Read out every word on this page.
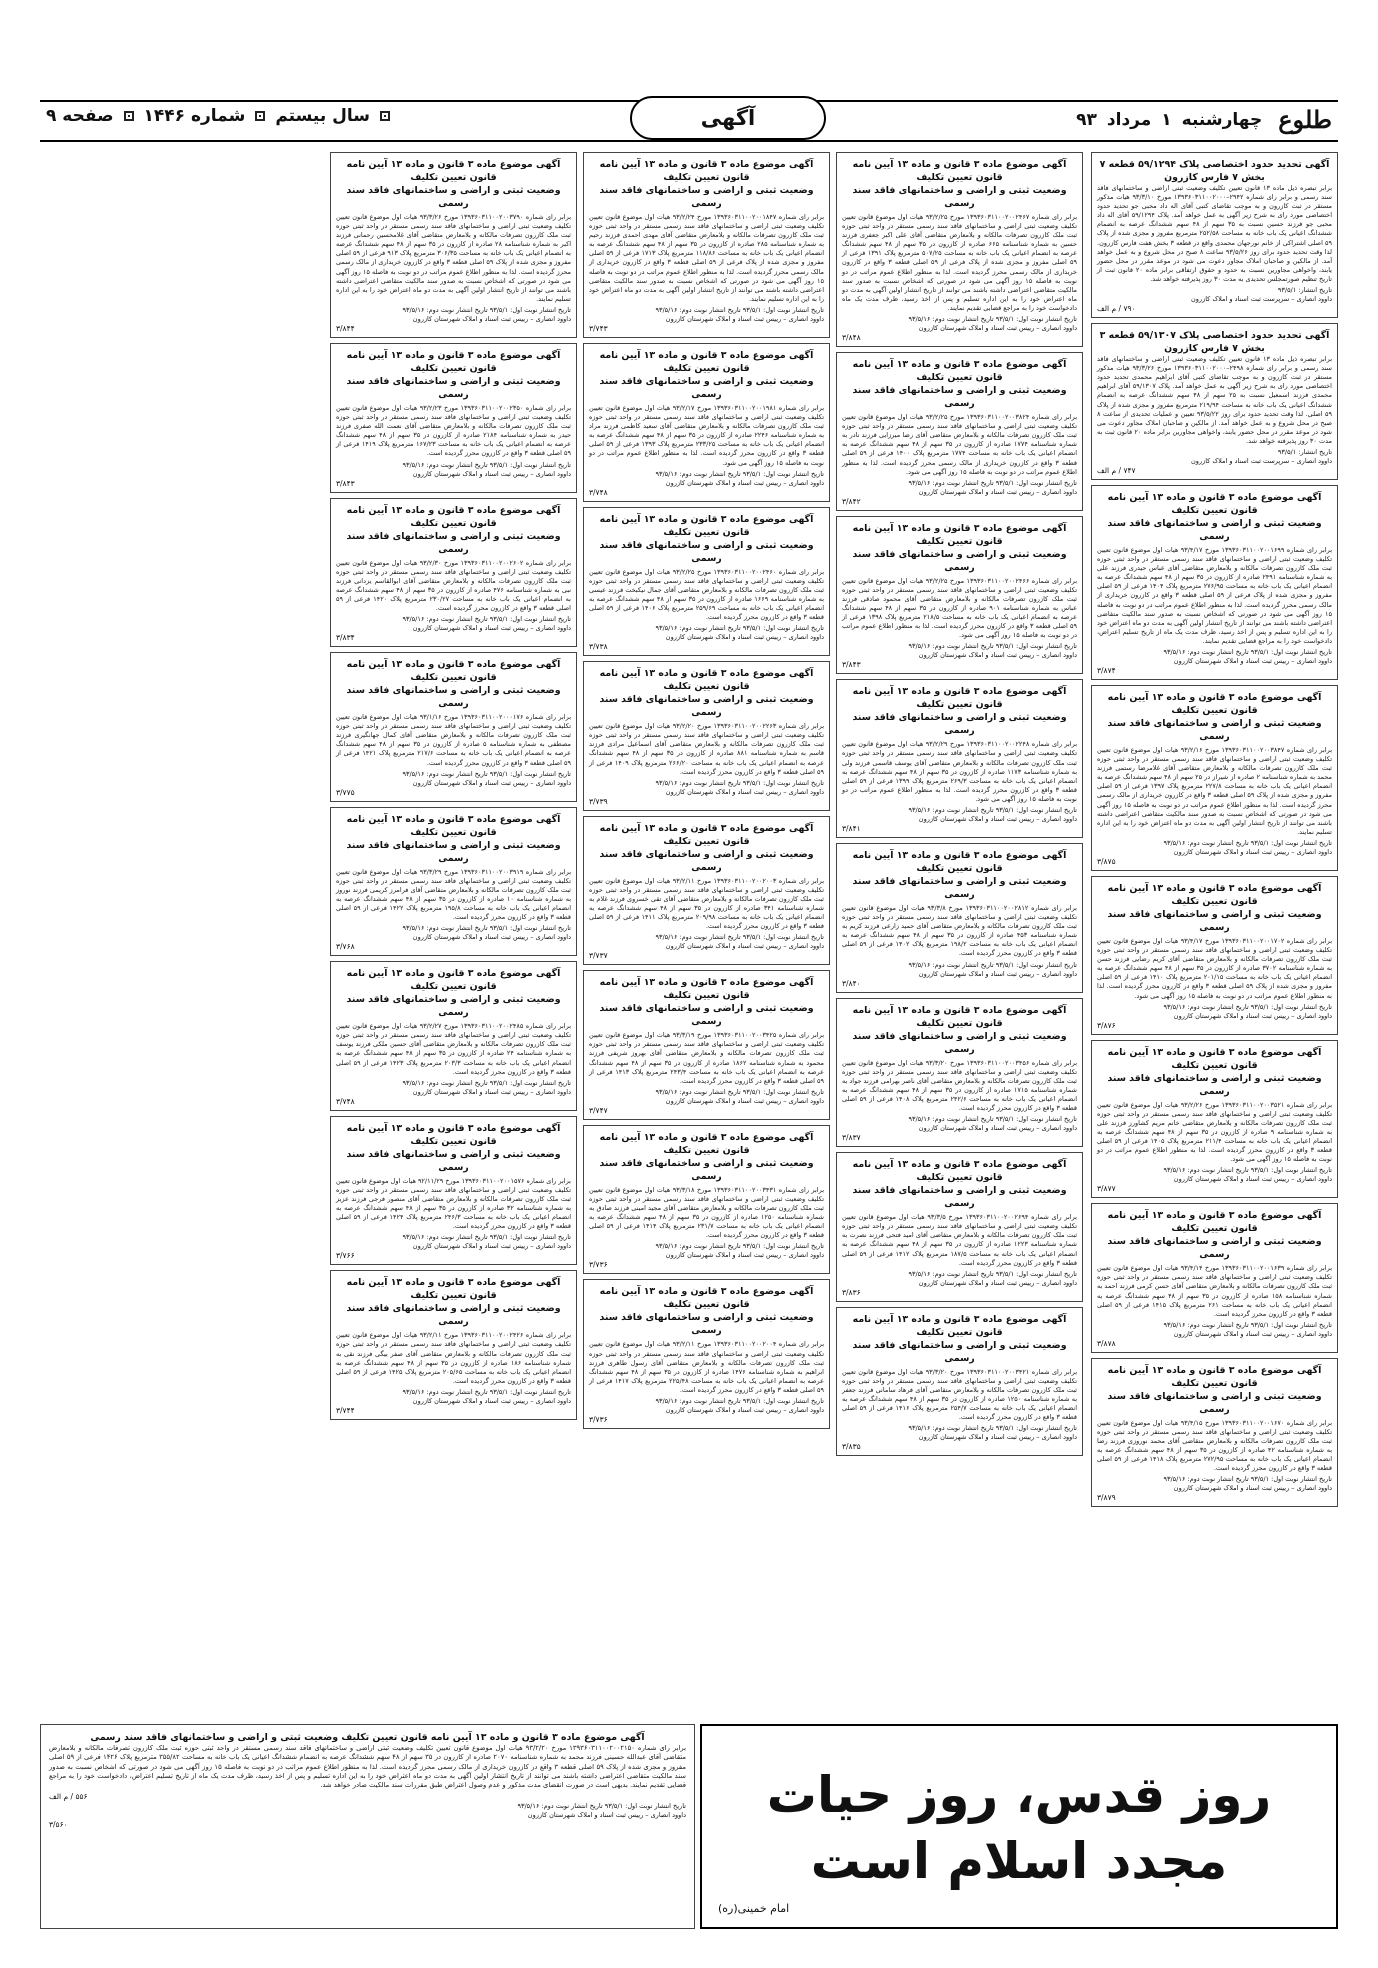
طلوع
چهارشنبه
۱
مرداد
۹۳
آگهی
سال بیستم
شماره ۱۴۴۶
صفحه ۹
آگهی تحدید حدود اختصاصی پلاک ۵۹/۱۲۹۴ قطعه ۷ بخش ۷ فارس کازرون
برابر تبصره ذیل ماده ۱۳ قانون تعیین تکلیف وضعیت ثبتی اراضی و ساختمانهای فاقد سند رسمی و برابر رای شماره ۲۹۴۲–۱۳۹۳۶۰۳۱۱۰۰۲۰۰۰ مورخ ۹۳/۳/۱۰ هیات مذکور مستقر در ثبت کازرون و به موجب تقاضای کتبی آقای اله داد محبی جو تحدید حدود اختصاصی مورد رای به شرح زیر آگهی به عمل خواهد آمد. پلاک ۵۹/۱۲۹۴ آقای اله داد محبی جو فرزند حسین نسبت به ۳۵ سهم از ۴۸ سهم ششدانگ عرصه به انضمام ششدانگ اعیانی یک باب خانه به مساحت ۲۵۲/۵۸ مترمربع مفروز و مجزی شده از پلاک ۵۹ اصلی اشتراکی از خانم نورجهان محمدی واقع در قطعه ۳ بخش هفت فارس کازرون. لذا وقت تحدید حدود برای روز ۹۳/۵/۲۶ ساعت ۸ صبح در محل شروع و به عمل خواهد آمد. از مالکین و صاحبان املاک مجاور دعوت می شود در موعد مقرر در محل حضور یابند، واخواهی مجاورین نسبت به حدود و حقوق ارتفاقی برابر ماده ۲۰ قانون ثبت از تاریخ تنظیم صورتمجلس تحدیدی به مدت ۳۰ روز پذیرفته خواهد شد.
تاریخ انتشار: ۹۳/۵/۱
داوود انصاری – سرپرست ثبت اسناد و املاک کازرون
۷۹۰ / م الف
آگهی تحدید حدود اختصاصی پلاک ۵۹/۱۳۰۷ قطعه ۳ بخش ۷ فارس کازرون
برابر تبصره ذیل ماده ۱۳ قانون تعیین تکلیف وضعیت ثبتی اراضی و ساختمانهای فاقد سند رسمی و برابر رای شماره ۲۴۹۸–۱۳۹۳۶۰۳۱۱۰۰۲۰۰۰ مورخ ۹۳/۳/۲۶ هیات مذکور مستقر در ثبت کازرون و به موجب تقاضای کتبی آقای ابراهیم محمدی تحدید حدود اختصاصی مورد رای به شرح زیر آگهی به عمل خواهد آمد. پلاک ۵۹/۱۳۰۷ آقای ابراهیم محمدی فرزند اسمعیل نسبت به ۲۵ سهم از ۴۸ سهم ششدانگ عرصه به انضمام ششدانگ اعیانی یک باب خانه به مساحت ۲۱۹/۹۴ مترمربع مفروز و مجزی شده از پلاک ۵۹ اصلی. لذا وقت تحدید حدود برای روز ۹۳/۵/۲۲ تعیین و عملیات تحدیدی از ساعت ۸ صبح در محل شروع و به عمل خواهد آمد. از مالکین و صاحبان املاک مجاور دعوت می شود در موعد مقرر در محل حضور یابند، واخواهی مجاورین برابر ماده ۲۰ قانون ثبت به مدت ۳۰ روز پذیرفته خواهد شد.
تاریخ انتشار: ۹۳/۵/۱
داوود انصاری – سرپرست ثبت اسناد و املاک کازرون
۷۴۷ / م الف
آگهی موضوع ماده ۳ قانون و ماده ۱۳ آیین نامه قانون تعیین تکلیف
وضعیت ثبتی و اراضی و ساختمانهای فاقد سند رسمی
برابر رای شماره ۱۳۹۳۶۰۳۱۱۰۰۲۰۰۱۶۹۹ مورخ ۹۳/۴/۱۷ هیات اول موضوع قانون تعیین تکلیف وضعیت ثبتی اراضی و ساختمانهای فاقد سند رسمی مستقر در واحد ثبتی حوزه ثبت ملک کازرون تصرفات مالکانه و بلامعارض متقاضی آقای عباس حیدری فرزند علی به شماره شناسنامه ۲۴۹۱ صادره از کازرون در ۳۵ سهم از ۴۸ سهم ششدانگ عرصه به انضمام اعیانی یک باب خانه به مساحت ۲۷۶/۹۵ مترمربع پلاک ۱۴۰۴ فرعی از ۵۹ اصلی مفروز و مجزی شده از پلاک فرعی از ۵۹ اصلی قطعه ۳ واقع در کازرون خریداری از مالک رسمی محرز گردیده است. لذا به منظور اطلاع عموم مراتب در دو نوبت به فاصله ۱۵ روز آگهی می شود در صورتی که اشخاص نسبت به صدور سند مالکیت متقاضی اعتراضی داشته باشند می توانند از تاریخ انتشار اولین آگهی به مدت دو ماه اعتراض خود را به این اداره تسلیم و پس از اخذ رسید، ظرف مدت یک ماه از تاریخ تسلیم اعتراض، دادخواست خود را به مراجع قضایی تقدیم نمایند.
تاریخ انتشار نوبت اول: ۹۳/۵/۱ تاریخ انتشار نوبت دوم: ۹۳/۵/۱۶
داوود انصاری – رییس ثبت اسناد و املاک شهرستان کازرون
۳/۸۷۴
آگهی موضوع ماده ۳ قانون و ماده ۱۳ آیین نامه قانون تعیین تکلیف
وضعیت ثبتی و اراضی و ساختمانهای فاقد سند رسمی
برابر رای شماره ۱۳۹۳۶۰۳۱۱۰۰۲۰۰۳۸۴۷ مورخ ۹۳/۲/۱۶ هیات اول موضوع قانون تعیین تکلیف وضعیت ثبتی اراضی و ساختمانهای فاقد سند رسمی مستقر در واحد ثبتی حوزه ثبت ملک کازرون تصرفات مالکانه و بلامعارض متقاضی آقای غلامرضا رستمی فرزند محمد به شماره شناسنامه ۲ صادره از شیراز در ۲۵ سهم از ۴۸ سهم ششدانگ عرصه به انضمام اعیانی یک باب خانه به مساحت ۲۲۷/۸ مترمربع پلاک ۱۳۹۷ فرعی از ۵۹ اصلی مفروز و مجزی شده از پلاک ۵۹ اصلی قطعه ۳ واقع در کازرون خریداری از مالک رسمی محرز گردیده است. لذا به منظور اطلاع عموم مراتب در دو نوبت به فاصله ۱۵ روز آگهی می شود در صورتی که اشخاص نسبت به صدور سند مالکیت متقاضی اعتراضی داشته باشند می توانند از تاریخ انتشار اولین آگهی به مدت دو ماه اعتراض خود را به این اداره تسلیم نمایند.
تاریخ انتشار نوبت اول: ۹۳/۵/۱ تاریخ انتشار نوبت دوم: ۹۳/۵/۱۶
داوود انصاری – رییس ثبت اسناد و املاک شهرستان کازرون
۳/۸۷۵
آگهی موضوع ماده ۳ قانون و ماده ۱۳ آیین نامه قانون تعیین تکلیف
وضعیت ثبتی و اراضی و ساختمانهای فاقد سند رسمی
برابر رای شماره ۱۳۹۳۶۰۳۱۱۰۰۲۰۰۱۷۰۲ مورخ ۹۳/۴/۱۷ هیات اول موضوع قانون تعیین تکلیف وضعیت ثبتی اراضی و ساختمانهای فاقد سند رسمی مستقر در واحد ثبتی حوزه ثبت ملک کازرون تصرفات مالکانه و بلامعارض متقاضی آقای کریم رضایی فرزند حسن به شماره شناسنامه ۳۷۰۲ صادره از کازرون در ۳۵ سهم از ۴۸ سهم ششدانگ عرصه به انضمام اعیانی یک باب خانه به مساحت ۲۰۱/۱۵ مترمربع پلاک ۱۴۱۰ فرعی از ۵۹ اصلی مفروز و مجزی شده از پلاک ۵۹ اصلی قطعه ۳ واقع در کازرون محرز گردیده است. لذا به منظور اطلاع عموم مراتب در دو نوبت به فاصله ۱۵ روز آگهی می شود.
تاریخ انتشار نوبت اول: ۹۳/۵/۱ تاریخ انتشار نوبت دوم: ۹۳/۵/۱۶
داوود انصاری – رییس ثبت اسناد و املاک شهرستان کازرون
۳/۸۷۶
آگهی موضوع ماده ۳ قانون و ماده ۱۳ آیین نامه قانون تعیین تکلیف
وضعیت ثبتی و اراضی و ساختمانهای فاقد سند رسمی
برابر رای شماره ۱۳۹۳۶۰۳۱۱۰۰۲۰۰۳۵۲۱ مورخ ۹۳/۲/۲۶ هیات اول موضوع قانون تعیین تکلیف وضعیت ثبتی اراضی و ساختمانهای فاقد سند رسمی مستقر در واحد ثبتی حوزه ثبت ملک کازرون تصرفات مالکانه و بلامعارض متقاضی خانم مریم کشاورز فرزند علی به شماره شناسنامه ۹ صادره از کازرون در ۳۵ سهم از ۴۸ سهم ششدانگ عرصه به انضمام اعیانی یک باب خانه به مساحت ۲۱۱/۴ مترمربع پلاک ۱۴۰۵ فرعی از ۵۹ اصلی قطعه ۳ واقع در کازرون محرز گردیده است. لذا به منظور اطلاع عموم مراتب در دو نوبت به فاصله ۱۵ روز آگهی می شود.
تاریخ انتشار نوبت اول: ۹۳/۵/۱ تاریخ انتشار نوبت دوم: ۹۳/۵/۱۶
داوود انصاری – رییس ثبت اسناد و املاک شهرستان کازرون
۳/۸۷۷
آگهی موضوع ماده ۳ قانون و ماده ۱۳ آیین نامه قانون تعیین تکلیف
وضعیت ثبتی و اراضی و ساختمانهای فاقد سند رسمی
برابر رای شماره ۱۳۹۳۶۰۳۱۱۰۰۲۰۰۱۶۳۹ مورخ ۹۳/۴/۱۴ هیات اول موضوع قانون تعیین تکلیف وضعیت ثبتی اراضی و ساختمانهای فاقد سند رسمی مستقر در واحد ثبتی حوزه ثبت ملک کازرون تصرفات مالکانه و بلامعارض متقاضی آقای حسن کرمی فرزند احمد به شماره شناسنامه ۱۵۸ صادره از کازرون در ۳۵ سهم از ۴۸ سهم ششدانگ عرصه به انضمام اعیانی یک باب خانه به مساحت ۲۶۱ مترمربع پلاک ۱۴۱۵ فرعی از ۵۹ اصلی قطعه ۳ واقع در کازرون محرز گردیده است.
تاریخ انتشار نوبت اول: ۹۳/۵/۱ تاریخ انتشار نوبت دوم: ۹۳/۵/۱۶
داوود انصاری – رییس ثبت اسناد و املاک شهرستان کازرون
۳/۸۷۸
آگهی موضوع ماده ۳ قانون و ماده ۱۳ آیین نامه قانون تعیین تکلیف
وضعیت ثبتی و اراضی و ساختمانهای فاقد سند رسمی
برابر رای شماره ۱۳۹۳۶۰۳۱۱۰۰۲۰۰۱۶۷۰ مورخ ۹۳/۴/۱۵ هیات اول موضوع قانون تعیین تکلیف وضعیت ثبتی اراضی و ساختمانهای فاقد سند رسمی مستقر در واحد ثبتی حوزه ثبت ملک کازرون تصرفات مالکانه و بلامعارض متقاضی آقای محمد نوروزی فرزند رضا به شماره شناسنامه ۴۲ صادره از کازرون در ۳۵ سهم از ۴۸ سهم ششدانگ عرصه به انضمام اعیانی یک باب خانه به مساحت ۲۷۲/۹۵ مترمربع پلاک ۱۴۱۸ فرعی از ۵۹ اصلی قطعه ۳ واقع در کازرون محرز گردیده است.
تاریخ انتشار نوبت اول: ۹۳/۵/۱ تاریخ انتشار نوبت دوم: ۹۳/۵/۱۶
داوود انصاری – رییس ثبت اسناد و املاک شهرستان کازرون
۳/۸۷۹
آگهی موضوع ماده ۳ قانون و ماده ۱۳ آیین نامه قانون تعیین تکلیف
وضعیت ثبتی و اراضی و ساختمانهای فاقد سند رسمی
برابر رای شماره ۱۳۹۳۶۰۳۱۱۰۰۲۰۰۲۴۶۷ مورخ ۹۳/۲/۲۵ هیات اول موضوع قانون تعیین تکلیف وضعیت ثبتی اراضی و ساختمانهای فاقد سند رسمی مستقر در واحد ثبتی حوزه ثبت ملک کازرون تصرفات مالکانه و بلامعارض متقاضی آقای علی اکبر جعفری فرزند حسین به شماره شناسنامه ۶۶۵ صادره از کازرون در ۳۵ سهم از ۴۸ سهم ششدانگ عرصه به انضمام اعیانی یک باب خانه به مساحت ۵۰۷/۲۵ مترمربع پلاک ۱۳۹۱ فرعی از ۵۹ اصلی مفروز و مجزی شده از پلاک فرعی از ۵۹ اصلی قطعه ۳ واقع در کازرون خریداری از مالک رسمی محرز گردیده است. لذا به منظور اطلاع عموم مراتب در دو نوبت به فاصله ۱۵ روز آگهی می شود در صورتی که اشخاص نسبت به صدور سند مالکیت متقاضی اعتراضی داشته باشند می توانند از تاریخ انتشار اولین آگهی به مدت دو ماه اعتراض خود را به این اداره تسلیم و پس از اخذ رسید، ظرف مدت یک ماه دادخواست خود را به مراجع قضایی تقدیم نمایند.
تاریخ انتشار نوبت اول: ۹۳/۵/۱ تاریخ انتشار نوبت دوم: ۹۳/۵/۱۶
داوود انصاری – رییس ثبت اسناد و املاک شهرستان کازرون
۳/۸۴۸
آگهی موضوع ماده ۳ قانون و ماده ۱۳ آیین نامه قانون تعیین تکلیف
وضعیت ثبتی و اراضی و ساختمانهای فاقد سند رسمی
برابر رای شماره ۱۳۹۳۶۰۳۱۱۰۰۲۰۰۳۸۲۴ مورخ ۹۳/۲/۲۵ هیات اول موضوع قانون تعیین تکلیف وضعیت ثبتی اراضی و ساختمانهای فاقد سند رسمی مستقر در واحد ثبتی حوزه ثبت ملک کازرون تصرفات مالکانه و بلامعارض متقاضی آقای رضا میرزایی فرزند نادر به شماره شناسنامه ۱۷۷۴ صادره از کازرون در ۳۵ سهم از ۴۸ سهم ششدانگ عرصه به انضمام اعیانی یک باب خانه به مساحت ۱۷۷۴ مترمربع پلاک ۱۴۰۰ فرعی از ۵۹ اصلی قطعه ۳ واقع در کازرون خریداری از مالک رسمی محرز گردیده است. لذا به منظور اطلاع عموم مراتب در دو نوبت به فاصله ۱۵ روز آگهی می شود.
تاریخ انتشار نوبت اول: ۹۳/۵/۱ تاریخ انتشار نوبت دوم: ۹۳/۵/۱۶
داوود انصاری – رییس ثبت اسناد و املاک شهرستان کازرون
۳/۸۴۲
آگهی موضوع ماده ۳ قانون و ماده ۱۳ آیین نامه قانون تعیین تکلیف
وضعیت ثبتی و اراضی و ساختمانهای فاقد سند رسمی
برابر رای شماره ۱۳۹۳۶۰۳۱۱۰۰۲۰۰۲۴۶۶ مورخ ۹۳/۲/۲۵ هیات اول موضوع قانون تعیین تکلیف وضعیت ثبتی اراضی و ساختمانهای فاقد سند رسمی مستقر در واحد ثبتی حوزه ثبت ملک کازرون تصرفات مالکانه و بلامعارض متقاضی آقای محمود صادقی فرزند عباس به شماره شناسنامه ۹۰۱ صادره از کازرون در ۳۵ سهم از ۴۸ سهم ششدانگ عرصه به انضمام اعیانی یک باب خانه به مساحت ۲۱۸/۵ مترمربع پلاک ۱۳۹۸ فرعی از ۵۹ اصلی قطعه ۳ واقع در کازرون محرز گردیده است. لذا به منظور اطلاع عموم مراتب در دو نوبت به فاصله ۱۵ روز آگهی می شود.
تاریخ انتشار نوبت اول: ۹۳/۵/۱ تاریخ انتشار نوبت دوم: ۹۳/۵/۱۶
داوود انصاری – رییس ثبت اسناد و املاک شهرستان کازرون
۳/۸۴۳
آگهی موضوع ماده ۳ قانون و ماده ۱۳ آیین نامه قانون تعیین تکلیف
وضعیت ثبتی و اراضی و ساختمانهای فاقد سند رسمی
برابر رای شماره ۱۳۹۳۶۰۳۱۱۰۰۲۰۰۲۲۴۸ مورخ ۹۳/۲/۲۹ هیات اول موضوع قانون تعیین تکلیف وضعیت ثبتی اراضی و ساختمانهای فاقد سند رسمی مستقر در واحد ثبتی حوزه ثبت ملک کازرون تصرفات مالکانه و بلامعارض متقاضی آقای یوسف قاسمی فرزند ولی به شماره شناسنامه ۱۱۷۳ صادره از کازرون در ۳۵ سهم از ۴۸ سهم ششدانگ عرصه به انضمام اعیانی یک باب خانه به مساحت ۲۶۹/۳ مترمربع پلاک ۱۳۹۹ فرعی از ۵۹ اصلی قطعه ۳ واقع در کازرون محرز گردیده است. لذا به منظور اطلاع عموم مراتب در دو نوبت به فاصله ۱۵ روز آگهی می شود.
تاریخ انتشار نوبت اول: ۹۳/۵/۱ تاریخ انتشار نوبت دوم: ۹۳/۵/۱۶
داوود انصاری – رییس ثبت اسناد و املاک شهرستان کازرون
۳/۸۴۱
آگهی موضوع ماده ۳ قانون و ماده ۱۳ آیین نامه قانون تعیین تکلیف
وضعیت ثبتی و اراضی و ساختمانهای فاقد سند رسمی
برابر رای شماره ۱۳۹۳۶۰۳۱۱۰۰۲۰۰۲۸۱۲ مورخ ۹۳/۳/۸ هیات اول موضوع قانون تعیین تکلیف وضعیت ثبتی اراضی و ساختمانهای فاقد سند رسمی مستقر در واحد ثبتی حوزه ثبت ملک کازرون تصرفات مالکانه و بلامعارض متقاضی آقای حمید زارعی فرزند کریم به شماره شناسنامه ۴۵۳ صادره از کازرون در ۳۵ سهم از ۴۸ سهم ششدانگ عرصه به انضمام اعیانی یک باب خانه به مساحت ۱۹۸/۲ مترمربع پلاک ۱۴۰۲ فرعی از ۵۹ اصلی قطعه ۳ واقع در کازرون محرز گردیده است.
تاریخ انتشار نوبت اول: ۹۳/۵/۱ تاریخ انتشار نوبت دوم: ۹۳/۵/۱۶
داوود انصاری – رییس ثبت اسناد و املاک شهرستان کازرون
۳/۸۴۰
آگهی موضوع ماده ۳ قانون و ماده ۱۳ آیین نامه قانون تعیین تکلیف
وضعیت ثبتی و اراضی و ساختمانهای فاقد سند رسمی
برابر رای شماره ۱۳۹۳۶۰۳۱۱۰۰۲۰۰۳۴۵۶ مورخ ۹۳/۳/۲۰ هیات اول موضوع قانون تعیین تکلیف وضعیت ثبتی اراضی و ساختمانهای فاقد سند رسمی مستقر در واحد ثبتی حوزه ثبت ملک کازرون تصرفات مالکانه و بلامعارض متقاضی آقای ناصر بهرامی فرزند جواد به شماره شناسنامه ۱۷۱۵ صادره از کازرون در ۳۵ سهم از ۴۸ سهم ششدانگ عرصه به انضمام اعیانی یک باب خانه به مساحت ۲۴۲/۶ مترمربع پلاک ۱۴۰۸ فرعی از ۵۹ اصلی قطعه ۳ واقع در کازرون محرز گردیده است.
تاریخ انتشار نوبت اول: ۹۳/۵/۱ تاریخ انتشار نوبت دوم: ۹۳/۵/۱۶
داوود انصاری – رییس ثبت اسناد و املاک شهرستان کازرون
۳/۸۳۷
آگهی موضوع ماده ۳ قانون و ماده ۱۳ آیین نامه قانون تعیین تکلیف
وضعیت ثبتی و اراضی و ساختمانهای فاقد سند رسمی
برابر رای شماره ۱۳۹۳۶۰۳۱۱۰۰۲۰۰۲۶۹۴ مورخ ۹۳/۳/۵ هیات اول موضوع قانون تعیین تکلیف وضعیت ثبتی اراضی و ساختمانهای فاقد سند رسمی مستقر در واحد ثبتی حوزه ثبت ملک کازرون تصرفات مالکانه و بلامعارض متقاضی آقای امید فتحی فرزند نصرت به شماره شناسنامه ۱۲۲۳ صادره از کازرون در ۳۵ سهم از ۴۸ سهم ششدانگ عرصه به انضمام اعیانی یک باب خانه به مساحت ۱۸۷/۵ مترمربع پلاک ۱۴۱۲ فرعی از ۵۹ اصلی قطعه ۳ واقع در کازرون محرز گردیده است.
تاریخ انتشار نوبت اول: ۹۳/۵/۱ تاریخ انتشار نوبت دوم: ۹۳/۵/۱۶
داوود انصاری – رییس ثبت اسناد و املاک شهرستان کازرون
۳/۸۳۶
آگهی موضوع ماده ۳ قانون و ماده ۱۳ آیین نامه قانون تعیین تکلیف
وضعیت ثبتی و اراضی و ساختمانهای فاقد سند رسمی
برابر رای شماره ۱۳۹۳۶۰۳۱۱۰۰۲۰۰۳۴۲۱ مورخ ۹۳/۳/۲۰ هیات اول موضوع قانون تعیین تکلیف وضعیت ثبتی اراضی و ساختمانهای فاقد سند رسمی مستقر در واحد ثبتی حوزه ثبت ملک کازرون تصرفات مالکانه و بلامعارض متقاضی آقای فرهاد سامانی فرزند جعفر به شماره شناسنامه ۱۲۵۰ صادره از کازرون در ۳۵ سهم از ۴۸ سهم ششدانگ عرصه به انضمام اعیانی یک باب خانه به مساحت ۲۵۴/۷ مترمربع پلاک ۱۴۱۶ فرعی از ۵۹ اصلی قطعه ۳ واقع در کازرون محرز گردیده است.
تاریخ انتشار نوبت اول: ۹۳/۵/۱ تاریخ انتشار نوبت دوم: ۹۳/۵/۱۶
داوود انصاری – رییس ثبت اسناد و املاک شهرستان کازرون
۳/۸۳۵
آگهی موضوع ماده ۳ قانون و ماده ۱۳ آیین نامه قانون تعیین تکلیف
وضعیت ثبتی و اراضی و ساختمانهای فاقد سند رسمی
برابر رای شماره ۱۳۹۳۶۰۳۱۱۰۰۲۰۰۱۸۴۷ مورخ ۹۳/۲/۲۴ هیات اول موضوع قانون تعیین تکلیف وضعیت ثبتی اراضی و ساختمانهای فاقد سند رسمی مستقر در واحد ثبتی حوزه ثبت ملک کازرون تصرفات مالکانه و بلامعارض متقاضی آقای مهدی احمدی فرزند رحیم به شماره شناسنامه ۲۸۵ صادره از کازرون در ۳۵ سهم از ۴۸ سهم ششدانگ عرصه به انضمام اعیانی یک باب خانه به مساحت ۱۱۸/۸۶ مترمربع پلاک ۱۷۱۳ فرعی از ۵۹ اصلی مفروز و مجزی شده از پلاک فرعی از ۵۹ اصلی قطعه ۳ واقع در کازرون خریداری از مالک رسمی محرز گردیده است. لذا به منظور اطلاع عموم مراتب در دو نوبت به فاصله ۱۵ روز آگهی می شود در صورتی که اشخاص نسبت به صدور سند مالکیت متقاضی اعتراضی داشته باشند می توانند از تاریخ انتشار اولین آگهی به مدت دو ماه اعتراض خود را به این اداره تسلیم نمایند.
تاریخ انتشار نوبت اول: ۹۳/۵/۱ تاریخ انتشار نوبت دوم: ۹۳/۵/۱۶
داوود انصاری – رییس ثبت اسناد و املاک شهرستان کازرون
۳/۷۴۳
آگهی موضوع ماده ۳ قانون و ماده ۱۳ آیین نامه قانون تعیین تکلیف
وضعیت ثبتی و اراضی و ساختمانهای فاقد سند رسمی
برابر رای شماره ۱۳۹۳۶۰۳۱۱۰۰۲۰۰۱۹۸۱ مورخ ۹۳/۲/۱۷ هیات اول موضوع قانون تعیین تکلیف وضعیت ثبتی اراضی و ساختمانهای فاقد سند رسمی مستقر در واحد ثبتی حوزه ثبت ملک کازرون تصرفات مالکانه و بلامعارض متقاضی آقای سعید کاظمی فرزند مراد به شماره شناسنامه ۲۲۴۶ صادره از کازرون در ۳۵ سهم از ۴۸ سهم ششدانگ عرصه به انضمام اعیانی یک باب خانه به مساحت ۲۳۳/۲۵ مترمربع پلاک ۱۳۹۳ فرعی از ۵۹ اصلی قطعه ۳ واقع در کازرون محرز گردیده است. لذا به منظور اطلاع عموم مراتب در دو نوبت به فاصله ۱۵ روز آگهی می شود.
تاریخ انتشار نوبت اول: ۹۳/۵/۱ تاریخ انتشار نوبت دوم: ۹۳/۵/۱۶
داوود انصاری – رییس ثبت اسناد و املاک شهرستان کازرون
۳/۷۴۸
آگهی موضوع ماده ۳ قانون و ماده ۱۳ آیین نامه قانون تعیین تکلیف
وضعیت ثبتی و اراضی و ساختمانهای فاقد سند رسمی
برابر رای شماره ۱۳۹۳۶۰۳۱۱۰۰۲۰۰۲۴۶۰ مورخ ۹۳/۲/۲۵ هیات اول موضوع قانون تعیین تکلیف وضعیت ثبتی اراضی و ساختمانهای فاقد سند رسمی مستقر در واحد ثبتی حوزه ثبت ملک کازرون تصرفات مالکانه و بلامعارض متقاضی آقای جمال نیکبخت فرزند عیسی به شماره شناسنامه ۱۶۶۹ صادره از کازرون در ۳۵ سهم از ۴۸ سهم ششدانگ عرصه به انضمام اعیانی یک باب خانه به مساحت ۲۵۹/۶۹ مترمربع پلاک ۱۴۰۶ فرعی از ۵۹ اصلی قطعه ۳ واقع در کازرون محرز گردیده است.
تاریخ انتشار نوبت اول: ۹۳/۵/۱ تاریخ انتشار نوبت دوم: ۹۳/۵/۱۶
داوود انصاری – رییس ثبت اسناد و املاک شهرستان کازرون
۳/۷۳۸
آگهی موضوع ماده ۳ قانون و ماده ۱۳ آیین نامه قانون تعیین تکلیف
وضعیت ثبتی و اراضی و ساختمانهای فاقد سند رسمی
برابر رای شماره ۱۳۹۳۶۰۳۱۱۰۰۲۰۰۲۲۶۳ مورخ ۹۳/۲/۲۰ هیات اول موضوع قانون تعیین تکلیف وضعیت ثبتی اراضی و ساختمانهای فاقد سند رسمی مستقر در واحد ثبتی حوزه ثبت ملک کازرون تصرفات مالکانه و بلامعارض متقاضی آقای اسماعیل مرادی فرزند قاسم به شماره شناسنامه ۸۸۱ صادره از کازرون در ۳۵ سهم از ۴۸ سهم ششدانگ عرصه به انضمام اعیانی یک باب خانه به مساحت ۲۶۶/۲۰ مترمربع پلاک ۱۴۰۹ فرعی از ۵۹ اصلی قطعه ۳ واقع در کازرون محرز گردیده است.
تاریخ انتشار نوبت اول: ۹۳/۵/۱ تاریخ انتشار نوبت دوم: ۹۳/۵/۱۶
داوود انصاری – رییس ثبت اسناد و املاک شهرستان کازرون
۳/۷۳۹
آگهی موضوع ماده ۳ قانون و ماده ۱۳ آیین نامه قانون تعیین تکلیف
وضعیت ثبتی و اراضی و ساختمانهای فاقد سند رسمی
برابر رای شماره ۱۳۹۳۶۰۳۱۱۰۰۲۰۰۲۰۰۳ مورخ ۹۳/۲/۱۱ هیات اول موضوع قانون تعیین تکلیف وضعیت ثبتی اراضی و ساختمانهای فاقد سند رسمی مستقر در واحد ثبتی حوزه ثبت ملک کازرون تصرفات مالکانه و بلامعارض متقاضی آقای تقی خسروی فرزند غلام به شماره شناسنامه ۳۴۱ صادره از کازرون در ۳۵ سهم از ۴۸ سهم ششدانگ عرصه به انضمام اعیانی یک باب خانه به مساحت ۲۰۹/۹۸ مترمربع پلاک ۱۴۱۱ فرعی از ۵۹ اصلی قطعه ۳ واقع در کازرون محرز گردیده است.
تاریخ انتشار نوبت اول: ۹۳/۵/۱ تاریخ انتشار نوبت دوم: ۹۳/۵/۱۶
داوود انصاری – رییس ثبت اسناد و املاک شهرستان کازرون
۳/۷۳۷
آگهی موضوع ماده ۳ قانون و ماده ۱۳ آیین نامه قانون تعیین تکلیف
وضعیت ثبتی و اراضی و ساختمانهای فاقد سند رسمی
برابر رای شماره ۱۳۹۳۶۰۳۱۱۰۰۲۰۰۳۴۲۵ مورخ ۹۳/۳/۱۹ هیات اول موضوع قانون تعیین تکلیف وضعیت ثبتی اراضی و ساختمانهای فاقد سند رسمی مستقر در واحد ثبتی حوزه ثبت ملک کازرون تصرفات مالکانه و بلامعارض متقاضی آقای بهروز شریفی فرزند محمود به شماره شناسنامه ۱۸۶۲ صادره از کازرون در ۳۵ سهم از ۴۸ سهم ششدانگ عرصه به انضمام اعیانی یک باب خانه به مساحت ۲۴۳/۴ مترمربع پلاک ۱۴۱۳ فرعی از ۵۹ اصلی قطعه ۳ واقع در کازرون محرز گردیده است.
تاریخ انتشار نوبت اول: ۹۳/۵/۱ تاریخ انتشار نوبت دوم: ۹۳/۵/۱۶
داوود انصاری – رییس ثبت اسناد و املاک شهرستان کازرون
۳/۷۴۷
آگهی موضوع ماده ۳ قانون و ماده ۱۳ آیین نامه قانون تعیین تکلیف
وضعیت ثبتی و اراضی و ساختمانهای فاقد سند رسمی
برابر رای شماره ۱۳۹۳۶۰۳۱۱۰۰۲۰۰۳۴۳۱ مورخ ۹۳/۳/۱۸ هیات اول موضوع قانون تعیین تکلیف وضعیت ثبتی اراضی و ساختمانهای فاقد سند رسمی مستقر در واحد ثبتی حوزه ثبت ملک کازرون تصرفات مالکانه و بلامعارض متقاضی آقای مجید امینی فرزند صادق به شماره شناسنامه ۱۲۵۰ صادره از کازرون در ۳۵ سهم از ۴۸ سهم ششدانگ عرصه به انضمام اعیانی یک باب خانه به مساحت ۲۳۱/۷ مترمربع پلاک ۱۴۱۴ فرعی از ۵۹ اصلی قطعه ۳ واقع در کازرون محرز گردیده است.
تاریخ انتشار نوبت اول: ۹۳/۵/۱ تاریخ انتشار نوبت دوم: ۹۳/۵/۱۶
داوود انصاری – رییس ثبت اسناد و املاک شهرستان کازرون
۳/۷۳۶
آگهی موضوع ماده ۳ قانون و ماده ۱۳ آیین نامه قانون تعیین تکلیف
وضعیت ثبتی و اراضی و ساختمانهای فاقد سند رسمی
برابر رای شماره ۱۳۹۳۶۰۳۱۱۰۰۲۰۰۲۰۰۴ مورخ ۹۳/۲/۱۱ هیات اول موضوع قانون تعیین تکلیف وضعیت ثبتی اراضی و ساختمانهای فاقد سند رسمی مستقر در واحد ثبتی حوزه ثبت ملک کازرون تصرفات مالکانه و بلامعارض متقاضی آقای رسول طاهری فرزند ابراهیم به شماره شناسنامه ۱۴۷۶ صادره از کازرون در ۳۵ سهم از ۴۸ سهم ششدانگ عرصه به انضمام اعیانی یک باب خانه به مساحت ۲۲۵/۴۸ مترمربع پلاک ۱۴۱۷ فرعی از ۵۹ اصلی قطعه ۳ واقع در کازرون محرز گردیده است.
تاریخ انتشار نوبت اول: ۹۳/۵/۱ تاریخ انتشار نوبت دوم: ۹۳/۵/۱۶
داوود انصاری – رییس ثبت اسناد و املاک شهرستان کازرون
۳/۷۳۶
آگهی موضوع ماده ۳ قانون و ماده ۱۳ آیین نامه قانون تعیین تکلیف
وضعیت ثبتی و اراضی و ساختمانهای فاقد سند رسمی
برابر رای شماره ۱۳۹۳۶۰۳۱۱۰۰۲۰۰۳۷۹۰ مورخ ۹۳/۳/۲۶ هیات اول موضوع قانون تعیین تکلیف وضعیت ثبتی اراضی و ساختمانهای فاقد سند رسمی مستقر در واحد ثبتی حوزه ثبت ملک کازرون تصرفات مالکانه و بلامعارض متقاضی آقای غلامحسین رحمانی فرزند اکبر به شماره شناسنامه ۲۸ صادره از کازرون در ۳۵ سهم از ۴۸ سهم ششدانگ عرصه به انضمام اعیانی یک باب خانه به مساحت ۳۰۶/۳۵ مترمربع پلاک ۹۱۳ فرعی از ۵۹ اصلی مفروز و مجزی شده از پلاک ۵۹ اصلی قطعه ۳ واقع در کازرون خریداری از مالک رسمی محرز گردیده است. لذا به منظور اطلاع عموم مراتب در دو نوبت به فاصله ۱۵ روز آگهی می شود در صورتی که اشخاص نسبت به صدور سند مالکیت متقاضی اعتراضی داشته باشند می توانند از تاریخ انتشار اولین آگهی به مدت دو ماه اعتراض خود را به این اداره تسلیم نمایند.
تاریخ انتشار نوبت اول: ۹۳/۵/۱ تاریخ انتشار نوبت دوم: ۹۳/۵/۱۶
داوود انصاری – رییس ثبت اسناد و املاک شهرستان کازرون
۳/۸۴۴
آگهی موضوع ماده ۳ قانون و ماده ۱۳ آیین نامه قانون تعیین تکلیف
وضعیت ثبتی و اراضی و ساختمانهای فاقد سند رسمی
برابر رای شماره ۱۳۹۳۶۰۳۱۱۰۰۲۰۰۲۳۵۰ مورخ ۹۳/۲/۲۳ هیات اول موضوع قانون تعیین تکلیف وضعیت ثبتی اراضی و ساختمانهای فاقد سند رسمی مستقر در واحد ثبتی حوزه ثبت ملک کازرون تصرفات مالکانه و بلامعارض متقاضی آقای نعمت الله صفری فرزند حیدر به شماره شناسنامه ۲۱۸۴ صادره از کازرون در ۳۵ سهم از ۴۸ سهم ششدانگ عرصه به انضمام اعیانی یک باب خانه به مساحت ۱۶۷/۲۳ مترمربع پلاک ۱۴۱۹ فرعی از ۵۹ اصلی قطعه ۳ واقع در کازرون محرز گردیده است.
تاریخ انتشار نوبت اول: ۹۳/۵/۱ تاریخ انتشار نوبت دوم: ۹۳/۵/۱۶
داوود انصاری – رییس ثبت اسناد و املاک شهرستان کازرون
۳/۸۴۳
آگهی موضوع ماده ۳ قانون و ماده ۱۳ آیین نامه قانون تعیین تکلیف
وضعیت ثبتی و اراضی و ساختمانهای فاقد سند رسمی
برابر رای شماره ۱۳۹۳۶۰۳۱۱۰۰۲۰۰۲۶۰۲ مورخ ۹۳/۲/۳۰ هیات اول موضوع قانون تعیین تکلیف وضعیت ثبتی اراضی و ساختمانهای فاقد سند رسمی مستقر در واحد ثبتی حوزه ثبت ملک کازرون تصرفات مالکانه و بلامعارض متقاضی آقای ابوالقاسم یزدانی فرزند نبی به شماره شناسنامه ۴۷۶ صادره از کازرون در ۳۵ سهم از ۴۸ سهم ششدانگ عرصه به انضمام اعیانی یک باب خانه به مساحت ۲۳۰/۲۷ مترمربع پلاک ۱۴۲۰ فرعی از ۵۹ اصلی قطعه ۳ واقع در کازرون محرز گردیده است.
تاریخ انتشار نوبت اول: ۹۳/۵/۱ تاریخ انتشار نوبت دوم: ۹۳/۵/۱۶
داوود انصاری – رییس ثبت اسناد و املاک شهرستان کازرون
۳/۸۳۴
آگهی موضوع ماده ۳ قانون و ماده ۱۳ آیین نامه قانون تعیین تکلیف
وضعیت ثبتی و اراضی و ساختمانهای فاقد سند رسمی
برابر رای شماره ۱۳۹۳۶۰۳۱۱۰۰۲۰۰۰۱۷۶ مورخ ۹۳/۱/۱۶ هیات اول موضوع قانون تعیین تکلیف وضعیت ثبتی اراضی و ساختمانهای فاقد سند رسمی مستقر در واحد ثبتی حوزه ثبت ملک کازرون تصرفات مالکانه و بلامعارض متقاضی آقای کمال جهانگیری فرزند مصطفی به شماره شناسنامه ۵ صادره از کازرون در ۳۵ سهم از ۴۸ سهم ششدانگ عرصه به انضمام اعیانی یک باب خانه به مساحت ۲۱۷/۶ مترمربع پلاک ۱۴۲۱ فرعی از ۵۹ اصلی قطعه ۳ واقع در کازرون محرز گردیده است.
تاریخ انتشار نوبت اول: ۹۳/۵/۱ تاریخ انتشار نوبت دوم: ۹۳/۵/۱۶
داوود انصاری – رییس ثبت اسناد و املاک شهرستان کازرون
۳/۷۷۵
آگهی موضوع ماده ۳ قانون و ماده ۱۳ آیین نامه قانون تعیین تکلیف
وضعیت ثبتی و اراضی و ساختمانهای فاقد سند رسمی
برابر رای شماره ۱۳۹۳۶۰۳۱۱۰۰۲۰۰۳۹۱۹ مورخ ۹۳/۳/۲۹ هیات اول موضوع قانون تعیین تکلیف وضعیت ثبتی اراضی و ساختمانهای فاقد سند رسمی مستقر در واحد ثبتی حوزه ثبت ملک کازرون تصرفات مالکانه و بلامعارض متقاضی آقای فرامرز کریمی فرزند نوروز به شماره شناسنامه ۱۰ صادره از کازرون در ۳۵ سهم از ۴۸ سهم ششدانگ عرصه به انضمام اعیانی یک باب خانه به مساحت ۱۹۵/۸ مترمربع پلاک ۱۴۲۲ فرعی از ۵۹ اصلی قطعه ۳ واقع در کازرون محرز گردیده است.
تاریخ انتشار نوبت اول: ۹۳/۵/۱ تاریخ انتشار نوبت دوم: ۹۳/۵/۱۶
داوود انصاری – رییس ثبت اسناد و املاک شهرستان کازرون
۳/۷۶۸
آگهی موضوع ماده ۳ قانون و ماده ۱۳ آیین نامه قانون تعیین تکلیف
وضعیت ثبتی و اراضی و ساختمانهای فاقد سند رسمی
برابر رای شماره ۱۳۹۳۶۰۳۱۱۰۰۲۰۰۲۴۸۵ مورخ ۹۳/۲/۲۷ هیات اول موضوع قانون تعیین تکلیف وضعیت ثبتی اراضی و ساختمانهای فاقد سند رسمی مستقر در واحد ثبتی حوزه ثبت ملک کازرون تصرفات مالکانه و بلامعارض متقاضی آقای حسین ملکی فرزند یوسف به شماره شناسنامه ۲۴ صادره از کازرون در ۳۵ سهم از ۴۸ سهم ششدانگ عرصه به انضمام اعیانی یک باب خانه به مساحت ۲۰۳/۳ مترمربع پلاک ۱۴۲۳ فرعی از ۵۹ اصلی قطعه ۳ واقع در کازرون محرز گردیده است.
تاریخ انتشار نوبت اول: ۹۳/۵/۱ تاریخ انتشار نوبت دوم: ۹۳/۵/۱۶
داوود انصاری – رییس ثبت اسناد و املاک شهرستان کازرون
۳/۷۴۸
آگهی موضوع ماده ۳ قانون و ماده ۱۳ آیین نامه قانون تعیین تکلیف
وضعیت ثبتی و اراضی و ساختمانهای فاقد سند رسمی
برابر رای شماره ۱۳۹۳۶۰۳۱۱۰۰۲۰۰۱۵۷۶ مورخ ۹۲/۱۱/۲۹ هیات اول موضوع قانون تعیین تکلیف وضعیت ثبتی اراضی و ساختمانهای فاقد سند رسمی مستقر در واحد ثبتی حوزه ثبت ملک کازرون تصرفات مالکانه و بلامعارض متقاضی آقای منصور فرجی فرزند عزیز به شماره شناسنامه ۳۲ صادره از کازرون در ۳۵ سهم از ۴۸ سهم ششدانگ عرصه به انضمام اعیانی یک باب خانه به مساحت ۲۴۶/۳ مترمربع پلاک ۱۴۲۴ فرعی از ۵۹ اصلی قطعه ۳ واقع در کازرون محرز گردیده است.
تاریخ انتشار نوبت اول: ۹۳/۵/۱ تاریخ انتشار نوبت دوم: ۹۳/۵/۱۶
داوود انصاری – رییس ثبت اسناد و املاک شهرستان کازرون
۳/۷۶۶
آگهی موضوع ماده ۳ قانون و ماده ۱۳ آیین نامه قانون تعیین تکلیف
وضعیت ثبتی و اراضی و ساختمانهای فاقد سند رسمی
برابر رای شماره ۱۳۹۳۶۰۳۱۱۰۰۲۰۰۲۴۲۶ مورخ ۹۳/۲/۱۱ هیات اول موضوع قانون تعیین تکلیف وضعیت ثبتی اراضی و ساختمانهای فاقد سند رسمی مستقر در واحد ثبتی حوزه ثبت ملک کازرون تصرفات مالکانه و بلامعارض متقاضی آقای صفر بیگی فرزند نقی به شماره شناسنامه ۱۸۶ صادره از کازرون در ۳۵ سهم از ۴۸ سهم ششدانگ عرصه به انضمام اعیانی یک باب خانه به مساحت ۲۰۵/۶۵ مترمربع پلاک ۱۴۲۵ فرعی از ۵۹ اصلی قطعه ۳ واقع در کازرون محرز گردیده است.
تاریخ انتشار نوبت اول: ۹۳/۵/۱ تاریخ انتشار نوبت دوم: ۹۳/۵/۱۶
داوود انصاری – رییس ثبت اسناد و املاک شهرستان کازرون
۳/۷۴۴
آگهی موضوع ماده ۳ قانون و ماده ۱۳ آیین نامه قانون تعیین تکلیف وضعیت ثبتی و اراضی و ساختمانهای فاقد سند رسمی
برابر رای شماره ۱۳۹۳۶۰۳۱۱۰۰۲۰۰۲۱۵۰ مورخ ۹۳/۲/۲۰ هیات اول موضوع قانون تعیین تکلیف وضعیت ثبتی اراضی و ساختمانهای فاقد سند رسمی مستقر در واحد ثبتی حوزه ثبت ملک کازرون تصرفات مالکانه و بلامعارض متقاضی آقای عبدالله حسینی فرزند محمد به شماره شناسنامه ۲۰۷۰ صادره از کازرون در ۳۵ سهم از ۴۸ سهم ششدانگ عرصه به انضمام ششدانگ اعیانی یک باب خانه به مساحت ۳۵۵/۸۲ مترمربع پلاک ۱۴۲۶ فرعی از ۵۹ اصلی مفروز و مجزی شده از پلاک ۵۹ اصلی قطعه ۳ واقع در کازرون خریداری از مالک رسمی محرز گردیده است. لذا به منظور اطلاع عموم مراتب در دو نوبت به فاصله ۱۵ روز آگهی می شود در صورتی که اشخاص نسبت به صدور سند مالکیت متقاضی اعتراضی داشته باشند می توانند از تاریخ انتشار اولین آگهی به مدت دو ماه اعتراض خود را به این اداره تسلیم و پس از اخذ رسید، ظرف مدت یک ماه از تاریخ تسلیم اعتراض، دادخواست خود را به مراجع قضایی تقدیم نمایند. بدیهی است در صورت انقضای مدت مذکور و عدم وصول اعتراض طبق مقررات سند مالکیت صادر خواهد شد.
۵۵۶ / م الف
تاریخ انتشار نوبت اول: ۹۳/۵/۱ تاریخ انتشار نوبت دوم: ۹۳/۵/۱۶
داوود انصاری – رییس ثبت اسناد و املاک شهرستان کازرون
۳/۵۶۰
روز قدس، روز حیات مجدد اسلام است
امام خمینی(ره)
